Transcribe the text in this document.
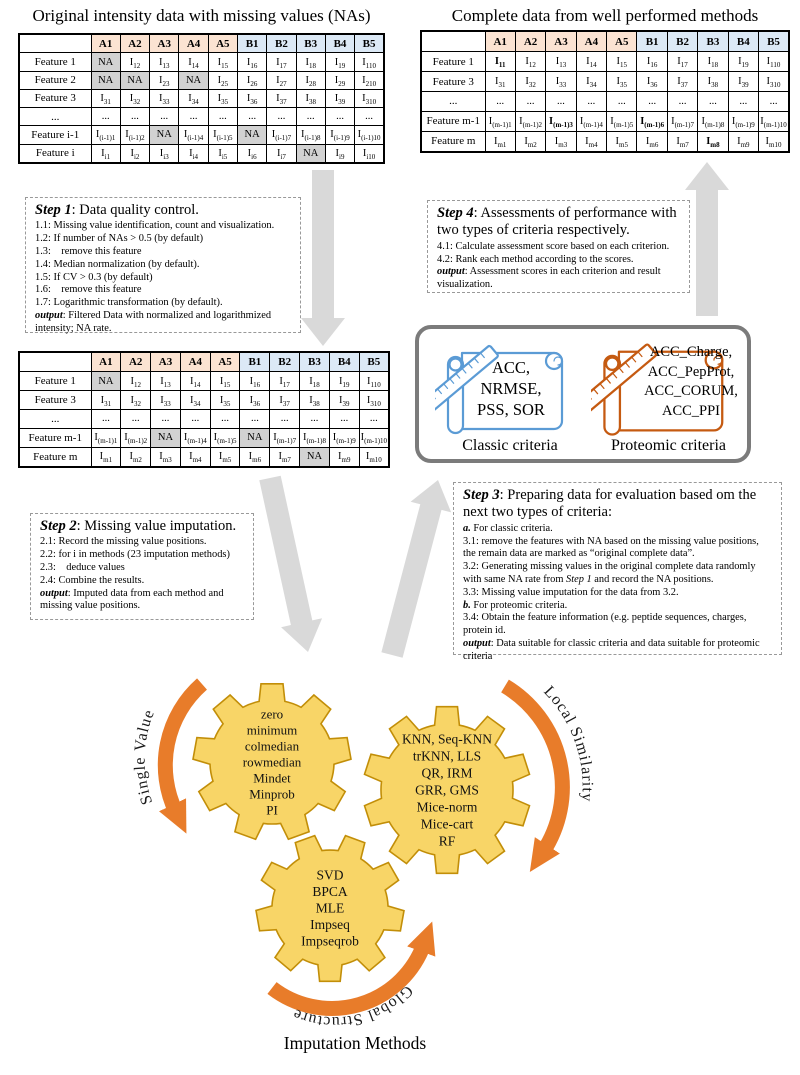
zero minimum colmedian rowmedian Mindet Minprob PI
KNN, Seq-KNN trKNN, LLS QR, IRM GRR, GMS Mice-norm Mice-cart RF
SVD BPCA MLE Impseq Impseqrob
Single Value
Local Similarity
Global Structure
Original intensity data with missing values (NAs)	Complete data from well performed methods
	A1	A2	A3	A4	A5	B1	B2	B3	B4	B5
Feature 1	NA	$I_{12}$	$I_{13}$	$I_{14}$	$I_{15}$	$I_{16}$	$I_{17}$	$I_{18}$	$I_{19}$	$I_{110}$
Feature 2	NA	NA	$I_{23}$	NA	$I_{25}$	$I_{26}$	$I_{27}$	$I_{28}$	$I_{29}$	$I_{210}$
Feature 3	$I_{31}$	$I_{32}$	$I_{33}$	$I_{34}$	$I_{35}$	$I_{36}$	$I_{37}$	$I_{38}$	$I_{39}$	$I_{310}$
...	...	...	...	...	...	...	...	...	...	...
Feature i-1	$I_{(i-1)1}$	$I_{(i-1)2}$	NA	$I_{(i-1)4}$	$I_{(i-1)5}$	NA	$I_{(i-1)7}$	$I_{(i-1)8}$	$I_{(i-1)9}$	$I_{(i-1)10}$
Feature i	$I_{i1}$	$I_{i2}$	$I_{i3}$	$I_{i4}$	$I_{i5}$	$I_{i6}$	$I_{i7}$	NA	$I_{i9}$	$I_{i10}$
	A1	A2	A3	A4	A5	B1	B2	B3	B4	B5
Feature 1	$I_{11}$	$I_{12}$	$I_{13}$	$I_{14}$	$I_{15}$	$I_{16}$	$I_{17}$	$I_{18}$	$I_{19}$	$I_{110}$
Feature 3	$I_{31}$	$I_{32}$	$I_{33}$	$I_{34}$	$I_{35}$	$I_{36}$	$I_{37}$	$I_{38}$	$I_{39}$	$I_{310}$
...	...	...	...	...	...	...	...	...	...	...
Feature m-1	$I_{(m-1)1}$	$I_{(m-1)2}$	$I_{(m-1)3}$	$I_{(m-1)4}$	$I_{(m-1)5}$	$I_{(m-1)6}$	$I_{(m-1)7}$	$I_{(m-1)8}$	$I_{(m-1)9}$	$I_{(m-1)10}$
Feature m	$I_{m1}$	$I_{m2}$	$I_{m3}$	$I_{m4}$	$I_{m5}$	$I_{m6}$	$I_{m7}$	$I_{m8}$	$I_{m9}$	$I_{m10}$
	A1	A2	A3	A4	A5	B1	B2	B3	B4	B5
Feature 1	NA	$I_{12}$	$I_{13}$	$I_{14}$	$I_{15}$	$I_{16}$	$I_{17}$	$I_{18}$	$I_{19}$	$I_{110}$
Feature 3	$I_{31}$	$I_{32}$	$I_{33}$	$I_{34}$	$I_{35}$	$I_{36}$	$I_{37}$	$I_{38}$	$I_{39}$	$I_{310}$
...	...	...	...	...	...	...	...	...	...	...
Feature m-1	$I_{(m-1)1}$	$I_{(m-1)2}$	NA	$I_{(m-1)4}$	$I_{(m-1)5}$	NA	$I_{(m-1)7}$	$I_{(m-1)8}$	$I_{(m-1)9}$	$I_{(m-1)10}$
Feature m	$I_{m1}$	$I_{m2}$	$I_{m3}$	$I_{m4}$	$I_{m5}$	$I_{m6}$	$I_{m7}$	NA	$I_{m9}$	$I_{m10}$
Step 1: Data quality control.
1.1: Missing value identification, count and visualization.
1.2: If number of NAs > 0.5 (by default)
1.3:    remove this feature
1.4: Median normalization (by default).
1.5: If CV > 0.3 (by default)
1.6:    remove this feature
1.7: Logarithmic transformation (by default).
output: Filtered Data with normalized and logarithmized intensity; NA rate.
Step 4: Assessments of performance with two types of criteria respectively.
4.1: Calculate assessment score based on each criterion.
4.2: Rank each method according to the scores.
output: Assessment scores in each criterion and result visualization.
Step 2: Missing value imputation.
2.1: Record the missing value positions.
2.2: for i in methods (23 imputation methods)
2.3:    deduce values
2.4: Combine the results.
output: Imputed data from each method and missing value positions.
Step 3: Preparing data for evaluation based om the next two types of criteria:
a. For classic criteria.
3.1: remove the features with NA based on the missing value positions, the remain data are marked as “original complete data”.
3.2: Generating missing values in the original complete data randomly with same NA rate from Step 1 and record the NA positions.
3.3: Missing value imputation for the data from 3.2.
b. For proteomic criteria.
3.4: Obtain the feature information (e.g. peptide sequences, charges, protein id.
output: Data suitable for classic criteria and data suitable for proteomic criteria
ACC, NRMSE,
PSS, SOR
Classic criteria
ACC_Charge,
ACC_PepProt,
ACC_CORUM,
ACC_PPI
Proteomic criteria
Imputation Methods
